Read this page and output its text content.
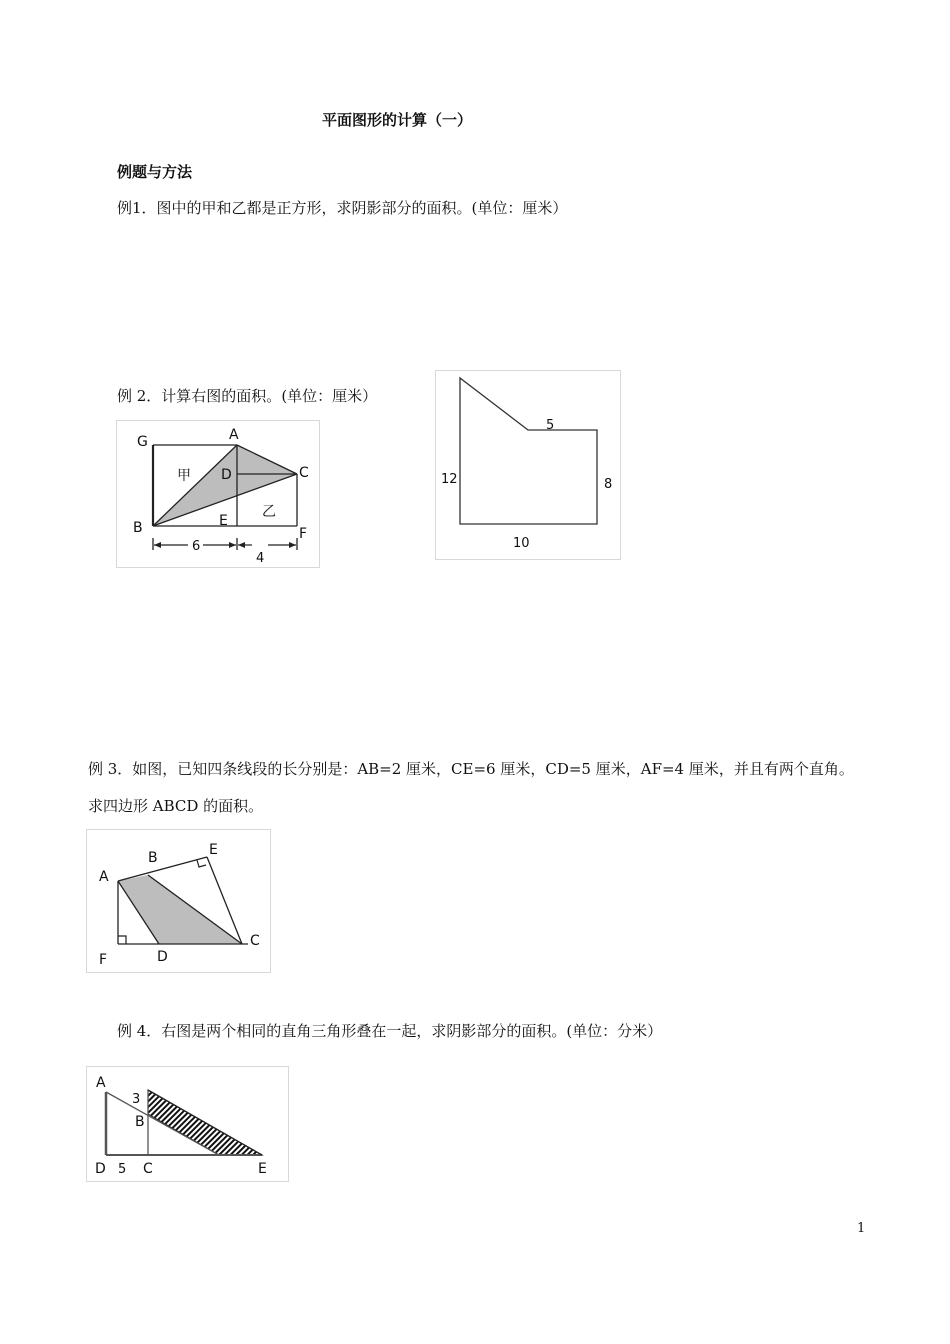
平面图形的计算（一）
例题与方法
例1．图中的甲和乙都是正方形，求阴影部分的面积。(单位：厘米）
例 2．计算右图的面积。(单位：厘米）
G	A
D	C
B	E
F
甲
乙
6
4
5
12	8
10
例 3．如图，已知四条线段的长分别是：AB=2 厘米，CE=6 厘米，CD=5 厘米，AF=4 厘米，并且有两个直角。
求四边形 ABCD 的面积。
A
B	E
F	D
C
例 4．右图是两个相同的直角三角形叠在一起，求阴影部分的面积。(单位：分米）
A
3
B
D 5 C	E
1
